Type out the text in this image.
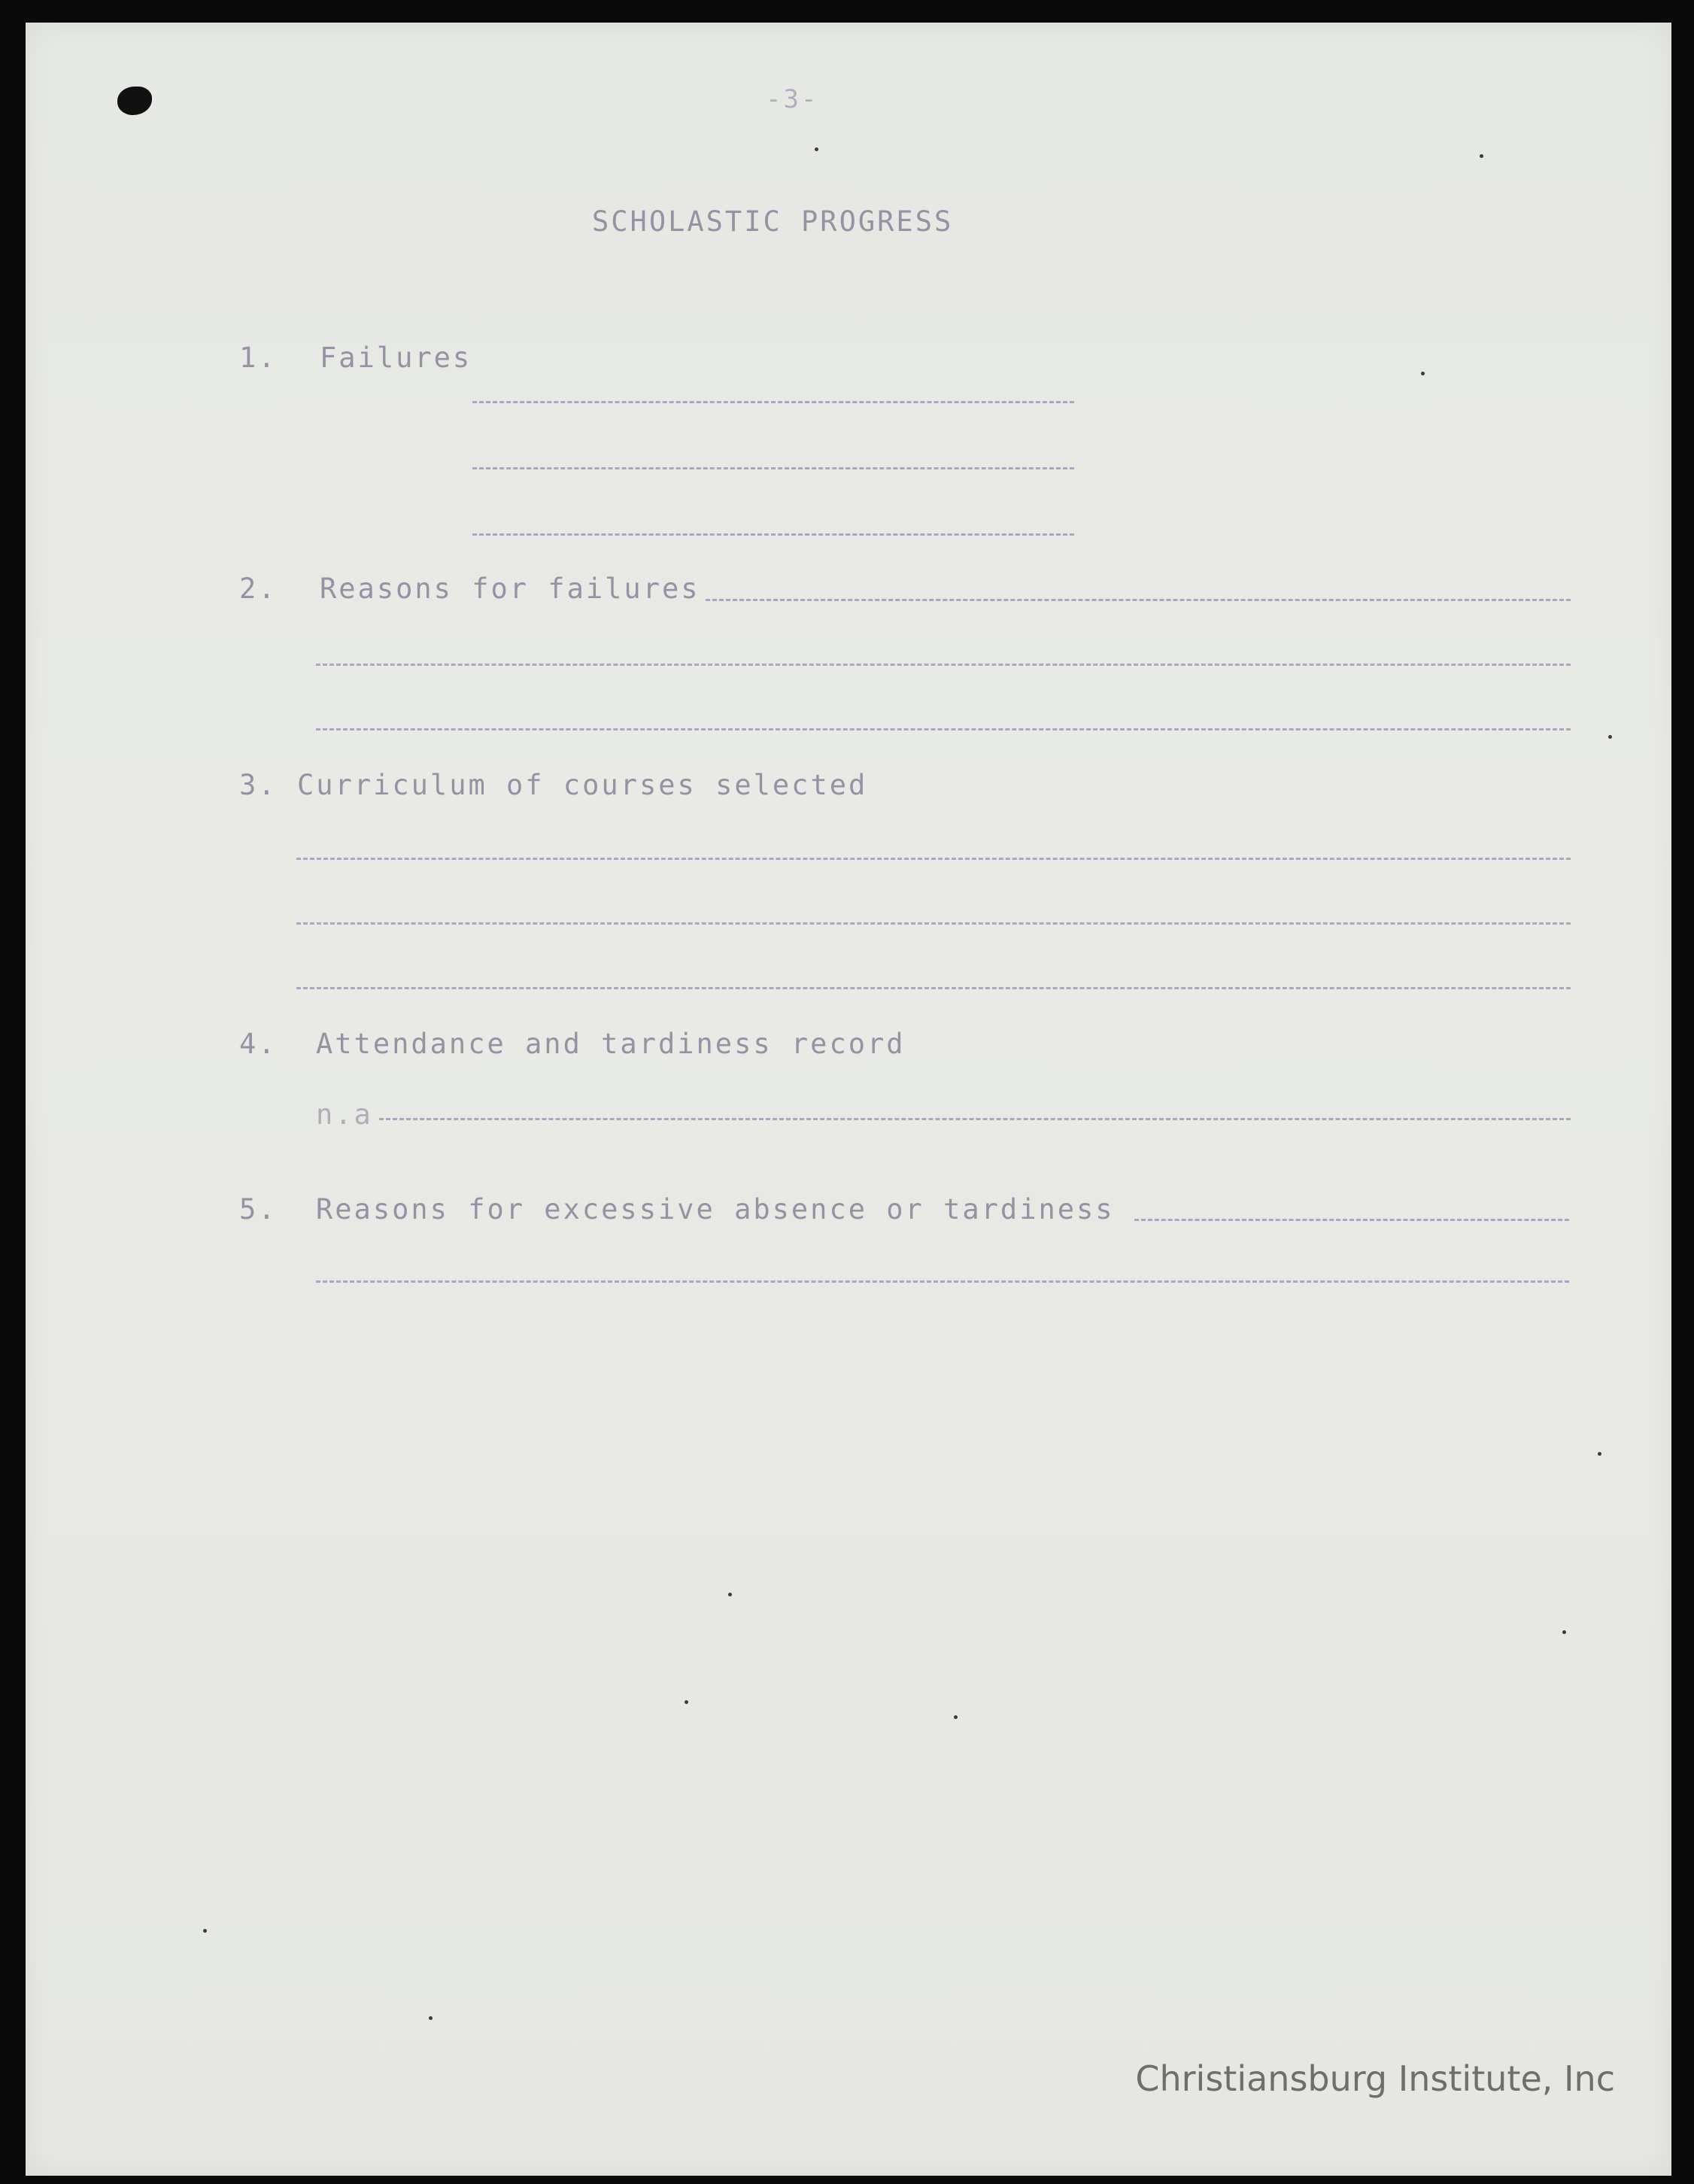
-3-
SCHOLASTIC PROGRESS
1. Failures
2. Reasons for failures
3. Curriculum of courses selected
4. Attendance and tardiness record
n.a
5. Reasons for excessive absence or tardiness
Christiansburg Institute, Inc
